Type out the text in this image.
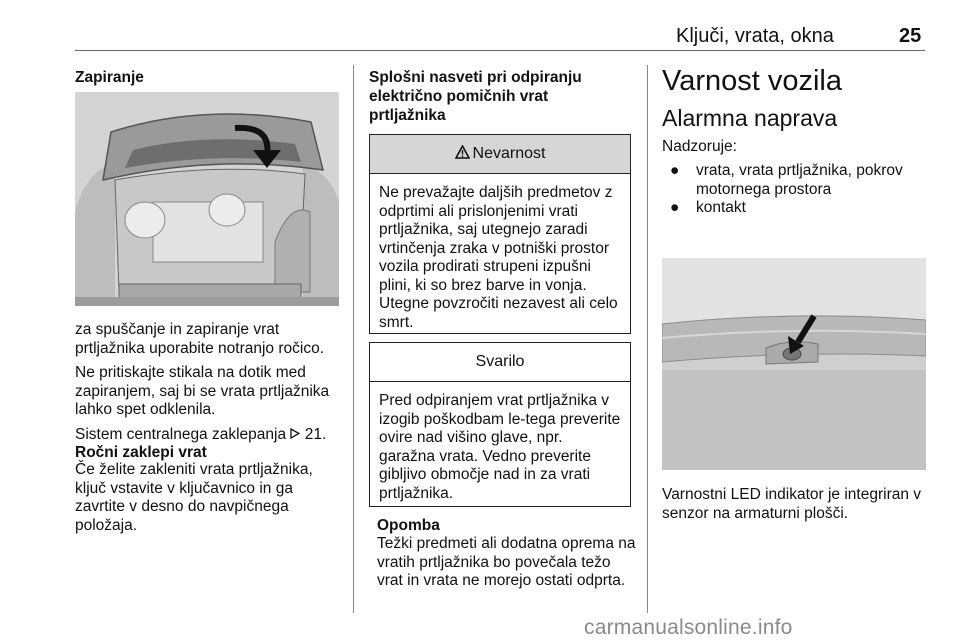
Ključi, vrata, okna	25
Zapiranje

za spuščanje in zapiranje vrat prtljažnika uporabite notranjo ročico.

Ne pritiskajte stikala na dotik med zapiranjem, saj bi se vrata prtljažnika lahko spet odklenila.

Sistem centralnega zaklepanja 21.

Ročni zaklepi vrat

Če želite zakleniti vrata prtljažnika, ključ vstavite v ključavnico in ga zavrtite v desno do navpičnega položaja.

Splošni nasveti pri odpiranju električno pomičnih vrat prtljažnika
Nevarnost
Ne prevažajte daljših predmetov z odprtimi ali prislonjenimi vrati prtljažnika, saj utegnejo zaradi vrtinčenja zraka v potniški prostor vozila prodirati strupeni izpušni plini, ki so brez barve in vonja. Utegne povzročiti nezavest ali celo smrt.
Svarilo
Pred odpiranjem vrat prtljažnika v izogib poškodbam le-tega preverite ovire nad višino glave, npr. garažna vrata. Vedno preverite gibljivo območje nad in za vrati prtljažnika.
Opomba
Težki predmeti ali dodatna oprema na vratih prtljažnika bo povečala težo vrat in vrata ne morejo ostati odprta.
Varnost vozila
Alarmna naprava
Nadzoruje:
●	vrata, vrata prtljažnika, pokrov motornega prostora
●	kontakt
Varnostni LED indikator je integriran v senzor na armaturni plošči.
carmanualsonline.info
